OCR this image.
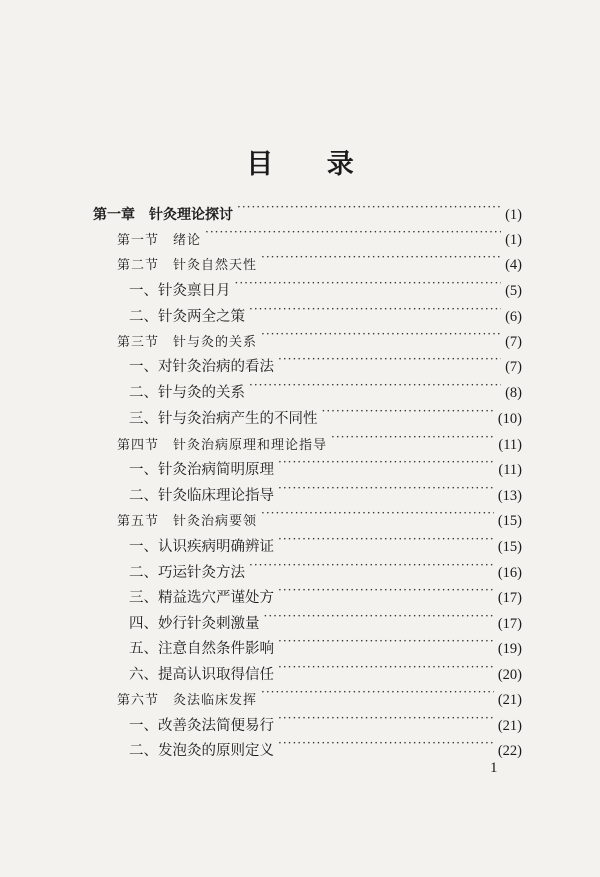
目 录
第一章　针灸理论探讨 ·····	(1)
第一节　绪论 ·····	(1)
第二节　针灸自然天性 ·····	(4)
一、针灸禀日月 ·····	(5)
二、针灸两全之策 ·····	(6)
第三节　针与灸的关系 ·····	(7)
一、对针灸治病的看法 ·····	(7)
二、针与灸的关系 ·····	(8)
三、针与灸治病产生的不同性 ·····	(10)
第四节　针灸治病原理和理论指导 ·····	(11)
一、针灸治病简明原理 ·····	(11)
二、针灸临床理论指导 ·····	(13)
第五节　针灸治病要领 ·····	(15)
一、认识疾病明确辨证 ·····	(15)
二、巧运针灸方法 ·····	(16)
三、精益选穴严谨处方 ·····	(17)
四、妙行针灸刺激量 ·····	(17)
五、注意自然条件影响 ·····	(19)
六、提高认识取得信任 ·····	(20)
第六节　灸法临床发挥 ·····	(21)
一、改善灸法简便易行 ·····	(21)
二、发泡灸的原则定义 ·····	(22)
1
